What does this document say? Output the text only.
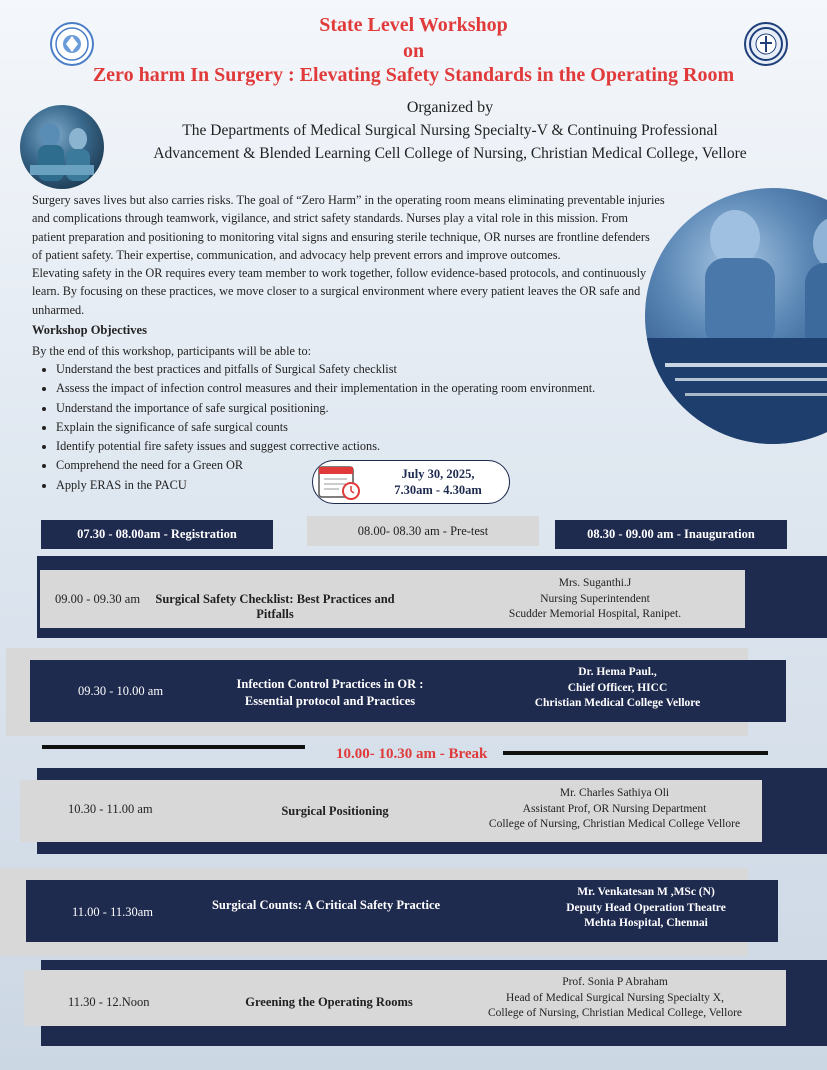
State Level Workshop
on
Zero harm In Surgery : Elevating Safety Standards in the Operating Room
Organized by
The Departments of Medical Surgical Nursing Specialty-V & Continuing Professional
Advancement & Blended Learning Cell College of Nursing, Christian Medical College, Vellore
Surgery saves lives but also carries risks. The goal of “Zero Harm” in the operating room means eliminating preventable injuries
and complications through teamwork, vigilance, and strict safety standards. Nurses play a vital role in this mission. From
patient preparation and positioning to monitoring vital signs and ensuring sterile technique, OR nurses are frontline defenders
of patient safety. Their expertise, communication, and advocacy help prevent errors and improve outcomes.
Elevating safety in the OR requires every team member to work together, follow evidence-based protocols, and continuously
learn. By focusing on these practices, we move closer to a surgical environment where every patient leaves the OR safe and
unharmed.
Workshop Objectives
By the end of this workshop, participants will be able to:
• Understand the best practices and pitfalls of Surgical Safety checklist
• Assess the impact of infection control measures and their implementation in the operating room environment.
• Understand the importance of safe surgical positioning.
• Explain the significance of safe surgical counts
• Identify potential fire safety issues and suggest corrective actions.
• Comprehend the need for a Green OR
• Apply ERAS in the PACU
July 30, 2025,
7.30am - 4.30am
07.30 - 08.00am - Registration	08.00- 08.30 am - Pre-test	08.30 - 09.00 am - Inauguration
09.00 - 09.30 am Surgical Safety Checklist: Best Practices and Pitfalls
Mrs. Suganthi.J
Nursing Superintendent
Scudder Memorial Hospital, Ranipet.
09.30 - 10.00 am	Infection Control Practices in OR :
Essential protocol and Practices
Dr. Hema Paul.,
Chief Officer, HICC
Christian Medical College Vellore
10.00- 10.30 am - Break
10.30 - 11.00 am	Surgical Positioning
Mr. Charles Sathiya Oli
Assistant Prof, OR Nursing Department
College of Nursing, Christian Medical College Vellore
11.00 - 11.30am	Surgical Counts: A Critical Safety Practice
Mr. Venkatesan M ,MSc (N)
Deputy Head Operation Theatre
Mehta Hospital, Chennai
11.30 - 12.Noon	Greening the Operating Rooms
Prof. Sonia P Abraham
Head of Medical Surgical Nursing Specialty X,
College of Nursing, Christian Medical College, Vellore
